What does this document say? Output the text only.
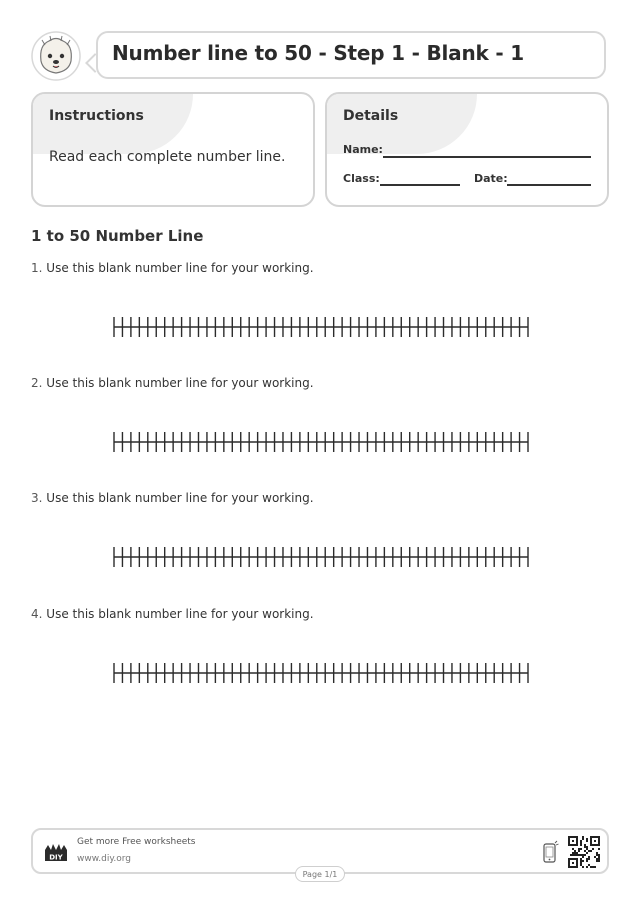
Number line to 50 - Step 1 - Blank - 1
Instructions
Read each complete number line.
Details
Name:
Class:	Date:
1 to 50 Number Line
1. Use this blank number line for your working.
2. Use this blank number line for your working.
3. Use this blank number line for your working.
4. Use this blank number line for your working.
DIY
Get more Free worksheets
www.diy.org
Page 1/1
